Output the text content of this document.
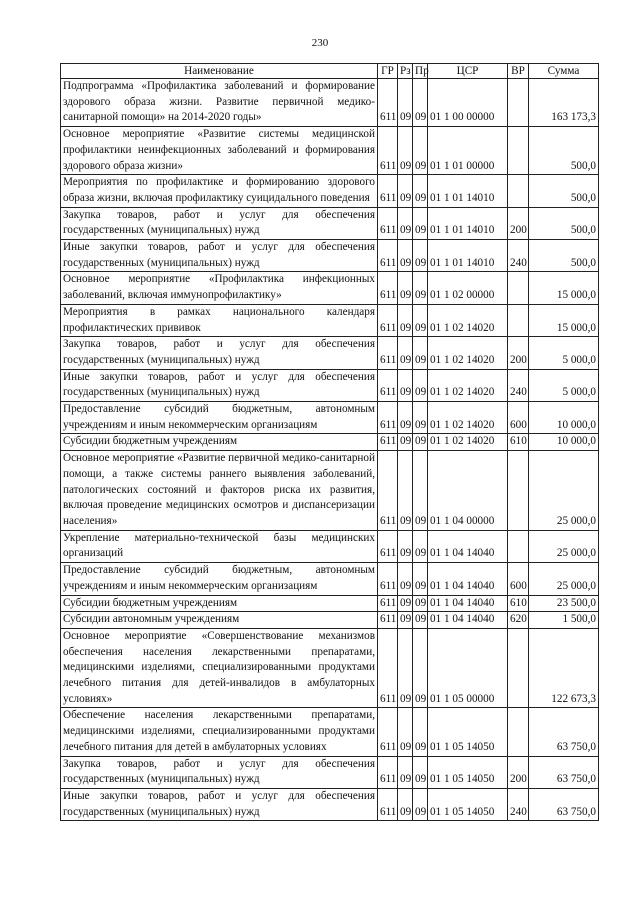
230
Наименование	ГР	Рз	Пр	ЦСР	ВР	Сумма
Подпрограмма «Профилактика заболеваний и формирование здорового образа жизни. Развитие первичной медико-санитарной помощи» на 2014-2020 годы»	611	09	09	01 1 00 00000		163 173,3
Основное мероприятие «Развитие системы медицинской профилактики неинфекционных заболеваний и формирования здорового образа жизни»	611	09	09	01 1 01 00000		500,0
Мероприятия по профилактике и формированию здорового образа жизни, включая профилактику суицидального поведения	611	09	09	01 1 01 14010		500,0
Закупка товаров, работ и услуг для обеспечения государственных (муниципальных) нужд	611	09	09	01 1 01 14010	200	500,0
Иные закупки товаров, работ и услуг для обеспечения государственных (муниципальных) нужд	611	09	09	01 1 01 14010	240	500,0
Основное мероприятие «Профилактика инфекционных заболеваний, включая иммунопрофилактику»	611	09	09	01 1 02 00000		15 000,0
Мероприятия в рамках национального календаря профилактических прививок	611	09	09	01 1 02 14020		15 000,0
Закупка товаров, работ и услуг для обеспечения государственных (муниципальных) нужд	611	09	09	01 1 02 14020	200	5 000,0
Иные закупки товаров, работ и услуг для обеспечения государственных (муниципальных) нужд	611	09	09	01 1 02 14020	240	5 000,0
Предоставление субсидий бюджетным, автономным учреждениям и иным некоммерческим организациям	611	09	09	01 1 02 14020	600	10 000,0
Субсидии бюджетным учреждениям	611	09	09	01 1 02 14020	610	10 000,0
Основное мероприятие «Развитие первичной медико-санитарной помощи, а также системы раннего выявления заболеваний, патологических состояний и факторов риска их развития, включая проведение медицинских осмотров и диспансеризации населения»	611	09	09	01 1 04 00000		25 000,0
Укрепление материально-технической базы медицинских организаций	611	09	09	01 1 04 14040		25 000,0
Предоставление субсидий бюджетным, автономным учреждениям и иным некоммерческим организациям	611	09	09	01 1 04 14040	600	25 000,0
Субсидии бюджетным учреждениям	611	09	09	01 1 04 14040	610	23 500,0
Субсидии автономным учреждениям	611	09	09	01 1 04 14040	620	1 500,0
Основное мероприятие «Совершенствование механизмов обеспечения населения лекарственными препаратами, медицинскими изделиями, специализированными продуктами лечебного питания для детей-инвалидов в амбулаторных условиях»	611	09	09	01 1 05 00000		122 673,3
Обеспечение населения лекарственными препаратами, медицинскими изделиями, специализированными продуктами лечебного питания для детей в амбулаторных условиях	611	09	09	01 1 05 14050		63 750,0
Закупка товаров, работ и услуг для обеспечения государственных (муниципальных) нужд	611	09	09	01 1 05 14050	200	63 750,0
Иные закупки товаров, работ и услуг для обеспечения государственных (муниципальных) нужд	611	09	09	01 1 05 14050	240	63 750,0
